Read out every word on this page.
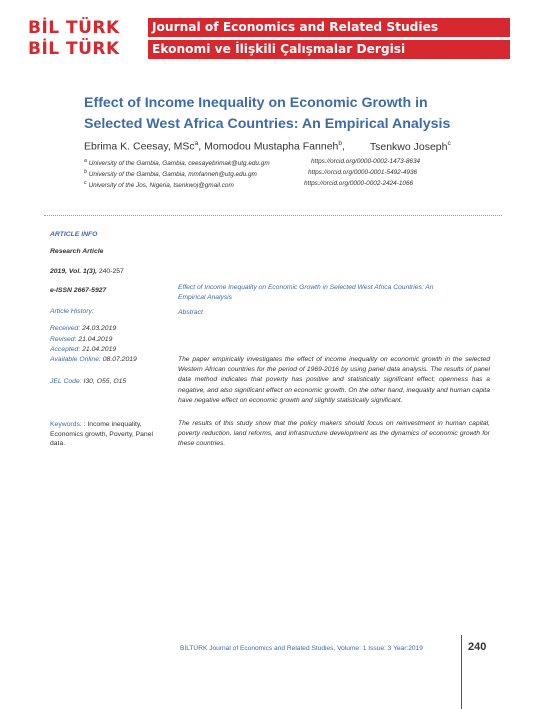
BİL TÜRK
BİL TÜRK
Journal of Economics and Related Studies
Ekonomi ve İlişkili Çalışmalar Dergisi
Effect of Income Inequality on Economic Growth in
Selected West Africa Countries: An Empirical Analysis
Ebrima K. Ceesay, MSc$^a$, Momodou Mustapha Fanneh$^b$, Tsenkwo Joseph$^c$
$^a$ University of the Gambia, Gambia, ceesayebrimak@utg.edu.gm	https://orcid.org/0000-0002-1473-8634
$^b$ University of the Gambia, Gambia, mmfanneh@utg.edu.gm	https://orcid.org/0000-0001-5492-4936
$^c$ University of the Jos, Nigeria, tsenkwoj@gmail.com	https://orcid.org/0000-0002-2424-1066
ARTICLE INFO
Research Article
2019, Vol. 1(3), 240-257
e-ISSN 2667-5927
Article History:
Received: 24.03.2019
Revised: 21.04.2019
Accepted: 21.04.2019
Available Online: 08.07.2019
JEL Code: I30, O55, O15
Keywords: : Income inequality, Economics growth, Poverty, Panel data.
Effect of Income Inequality on Economic Growth in Selected West Africa Countries: An
Empirical Analysis
Abstract
The paper empirically investigates the effect of income inequality on economic growth in the selected Western African countries for the period of 1969-2016 by using panel data analysis. The results of panel data method indicates that poverty has positive and statistically significant effect; openness has a negative, and also significant effect on economic growth. On the other hand, inequality and human capita have negative effect on economic growth and slightly statistically significant.
The results of this study show that the policy makers should focus on reinvestment in human capital, poverty reduction, land reforms, and infrastructure development as the dynamics of economic growth for these countries.
BİLTÜRK Journal of Economics and Related Studies, Volume: 1 Issue: 3 Year:2019	240
